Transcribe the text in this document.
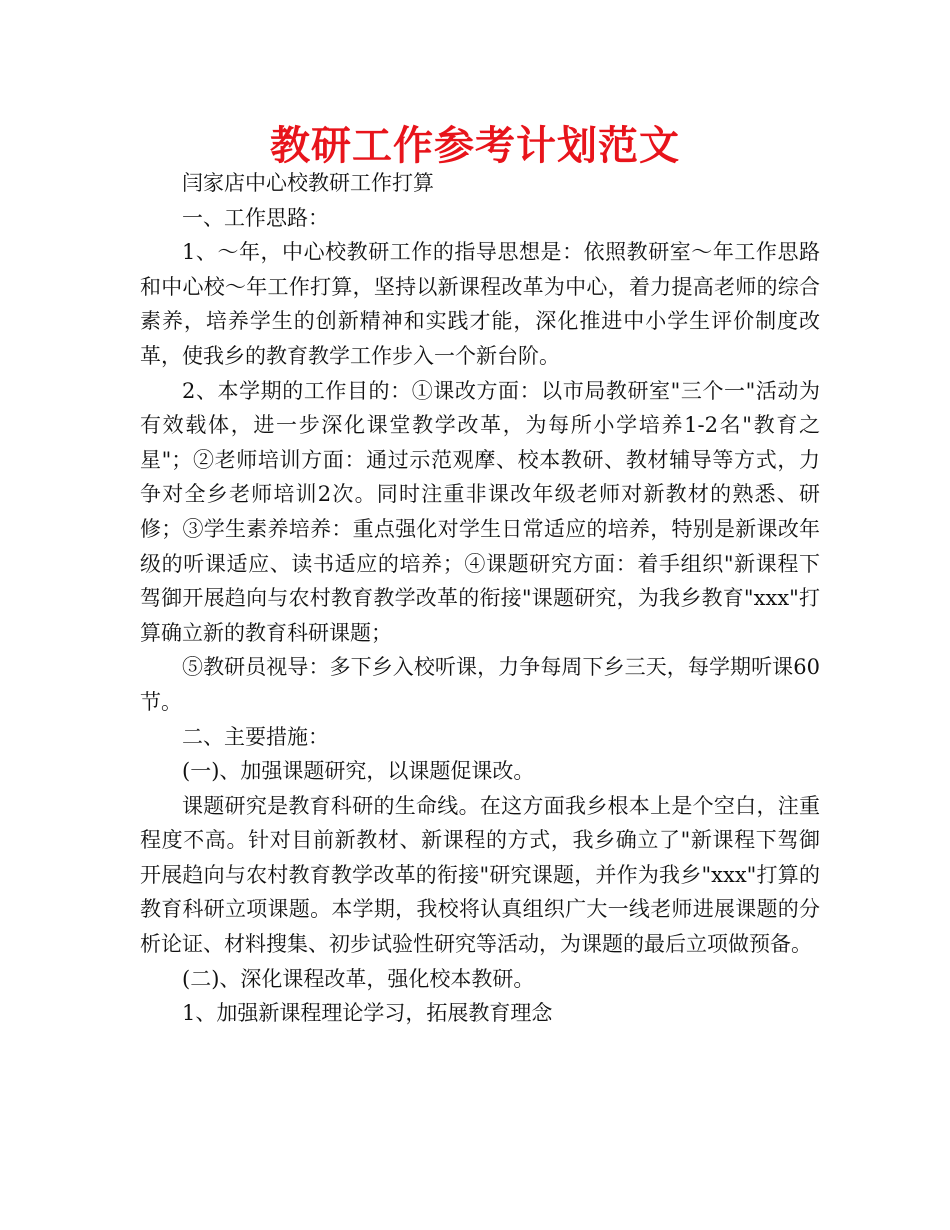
教研工作参考计划范文

闫家店中心校教研工作打算

一、工作思路：

1、～年，中心校教研工作的指导思想是：依照教研室～年工作思路和中心校～年工作打算，坚持以新课程改革为中心，着力提高老师的综合素养，培养学生的创新精神和实践才能，深化推进中小学生评价制度改革，使我乡的教育教学工作步入一个新台阶。

2、本学期的工作目的：①课改方面：以市局教研室"三个一"活动为有效载体，进一步深化课堂教学改革，为每所小学培养1-2名"教育之星"；②老师培训方面：通过示范观摩、校本教研、教材辅导等方式，力争对全乡老师培训2次。同时注重非课改年级老师对新教材的熟悉、研修；③学生素养培养：重点强化对学生日常适应的培养，特别是新课改年级的听课适应、读书适应的培养；④课题研究方面：着手组织"新课程下驾御开展趋向与农村教育教学改革的衔接"课题研究，为我乡教育"xxx"打算确立新的教育科研课题；

⑤教研员视导：多下乡入校听课，力争每周下乡三天，每学期听课60节。

二、主要措施：

(一)、加强课题研究，以课题促课改。

课题研究是教育科研的生命线。在这方面我乡根本上是个空白，注重程度不高。针对目前新教材、新课程的方式，我乡确立了"新课程下驾御开展趋向与农村教育教学改革的衔接"研究课题，并作为我乡"xxx"打算的教育科研立项课题。本学期，我校将认真组织广大一线老师进展课题的分析论证、材料搜集、初步试验性研究等活动，为课题的最后立项做预备。

(二)、深化课程改革，强化校本教研。

1、加强新课程理论学习，拓展教育理念
